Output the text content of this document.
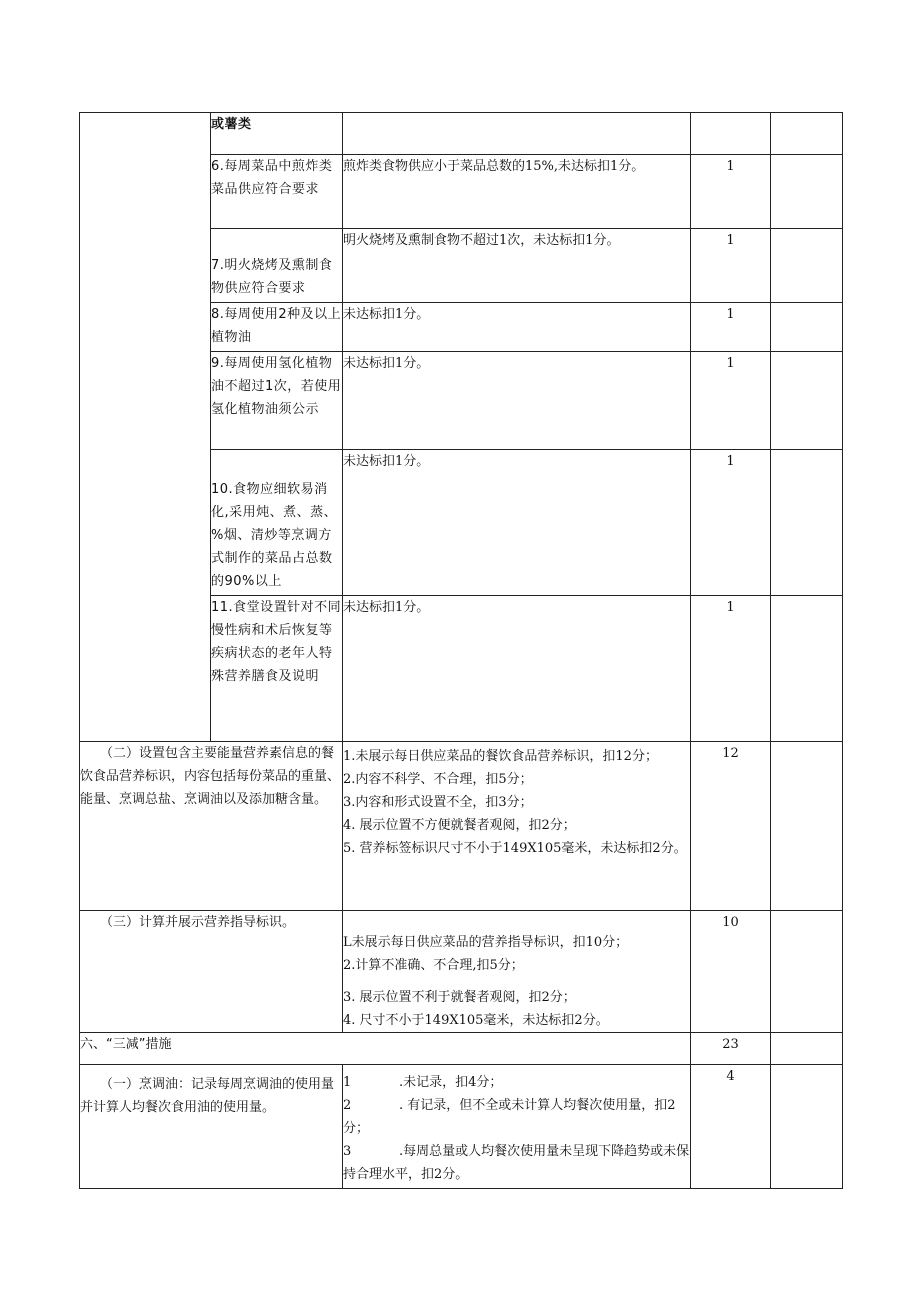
	或薯类			
	6.每周菜品中煎炸类菜品供应符合要求	煎炸类食物供应小于菜品总数的15%,未达标扣1分。	1	
	7.明火烧烤及熏制食物供应符合要求	明火烧烤及熏制食物不超过1次，未达标扣1分。	1	
	8.每周使用2种及以上植物油	未达标扣1分。	1	
	9.每周使用氢化植物油不超过1次，若使用氢化植物油须公示	未达标扣1分。	1	
	10.食物应细软易消化,采用炖、煮、蒸、%烟、清炒等烹调方式制作的菜品占总数的90%以上	未达标扣1分。	1	
	11.食堂设置针对不同慢性病和术后恢复等疾病状态的老年人特殊营养膳食及说明	未达标扣1分。	1	
（二）设置包含主要能量营养素信息的餐饮食品营养标识，内容包括每份菜品的重量、能量、烹调总盐、烹调油以及添加糖含量。		1.未展示每日供应菜品的餐饮食品营养标识，扣12分；
2.内容不科学、不合理，扣5分；
3.内容和形式设置不全，扣3分；
4. 展示位置不方便就餐者观阅，扣2分；
5. 营养标签标识尺寸不小于149X105毫米，未达标扣2分。	12	
（三）计算并展示营养指导标识。		L未展示每日供应菜品的营养指导标识，扣10分；
2.计算不准确、不合理,扣5分；
3. 展示位置不利于就餐者观阅，扣2分；
4. 尺寸不小于149X105毫米，未达标扣2分。	10	
六、“三减”措施			23	
（一）烹调油：记录每周烹调油的使用量并计算人均餐次食用油的使用量。		1 .未记录，扣4分；
2 . 有记录，但不全或未计算人均餐次使用量，扣2分；
3 .每周总量或人均餐次使用量未呈现下降趋势或未保持合理水平，扣2分。	4	
